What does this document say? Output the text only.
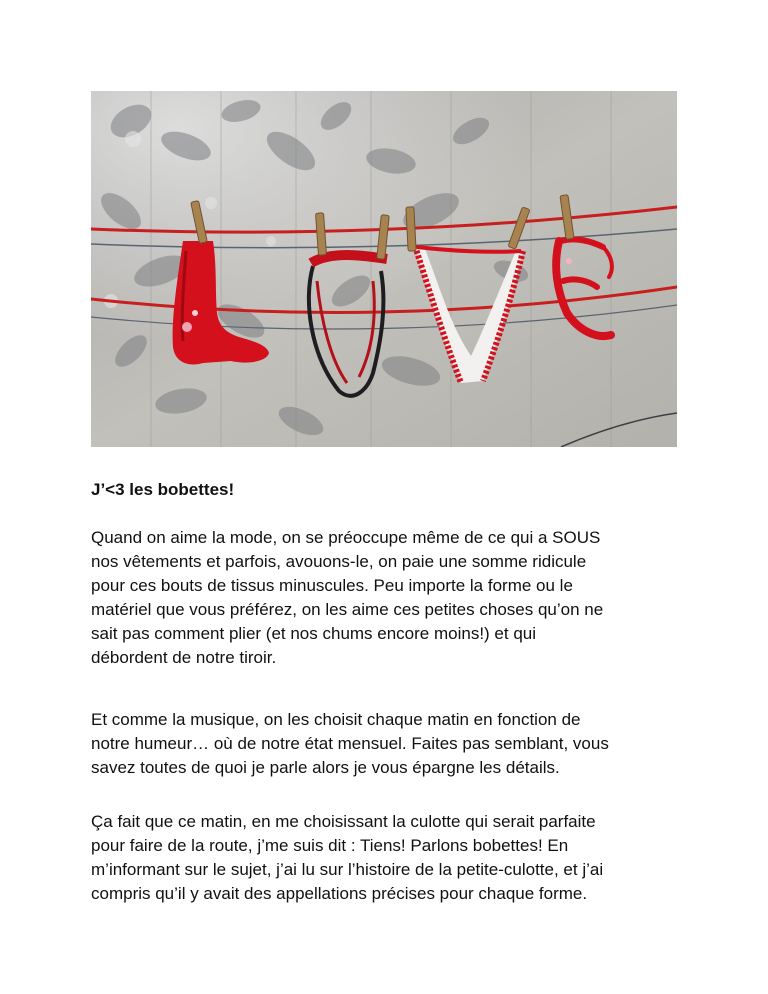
J’<3 les bobettes!

Quand on aime la mode, on se préoccupe même de ce qui a SOUS
nos vêtements et parfois, avouons-le, on paie une somme ridicule
pour ces bouts de tissus minuscules. Peu importe la forme ou le
matériel que vous préférez, on les aime ces petites choses qu’on ne
sait pas comment plier (et nos chums encore moins!) et qui
débordent de notre tiroir.

Et comme la musique, on les choisit chaque matin en fonction de
notre humeur… où de notre état mensuel. Faites pas semblant, vous
savez toutes de quoi je parle alors je vous épargne les détails.

Ça fait que ce matin, en me choisissant la culotte qui serait parfaite
pour faire de la route, j’me suis dit : Tiens! Parlons bobettes! En
m’informant sur le sujet, j’ai lu sur l’histoire de la petite-culotte, et j’ai
compris qu’il y avait des appellations précises pour chaque forme.
